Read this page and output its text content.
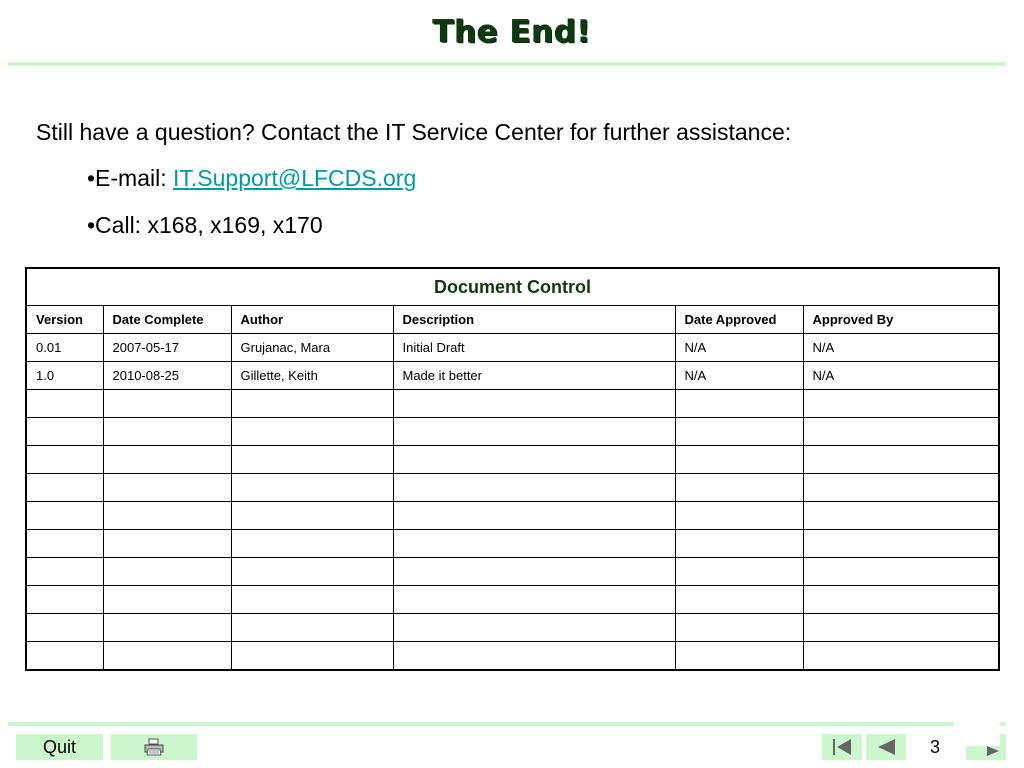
The End!
Still have a question? Contact the IT Service Center for further assistance:
•E-mail: IT.Support@LFCDS.org
•Call: x168, x169, x170
Document Control					
Version	Date Complete	Author	Description	Date Approved	Approved By
0.01	2007-05-17	Grujanac, Mara	Initial Draft	N/A	N/A
1.0	2010-08-25	Gillette, Keith	Made it better	N/A	N/A

Quit	3
